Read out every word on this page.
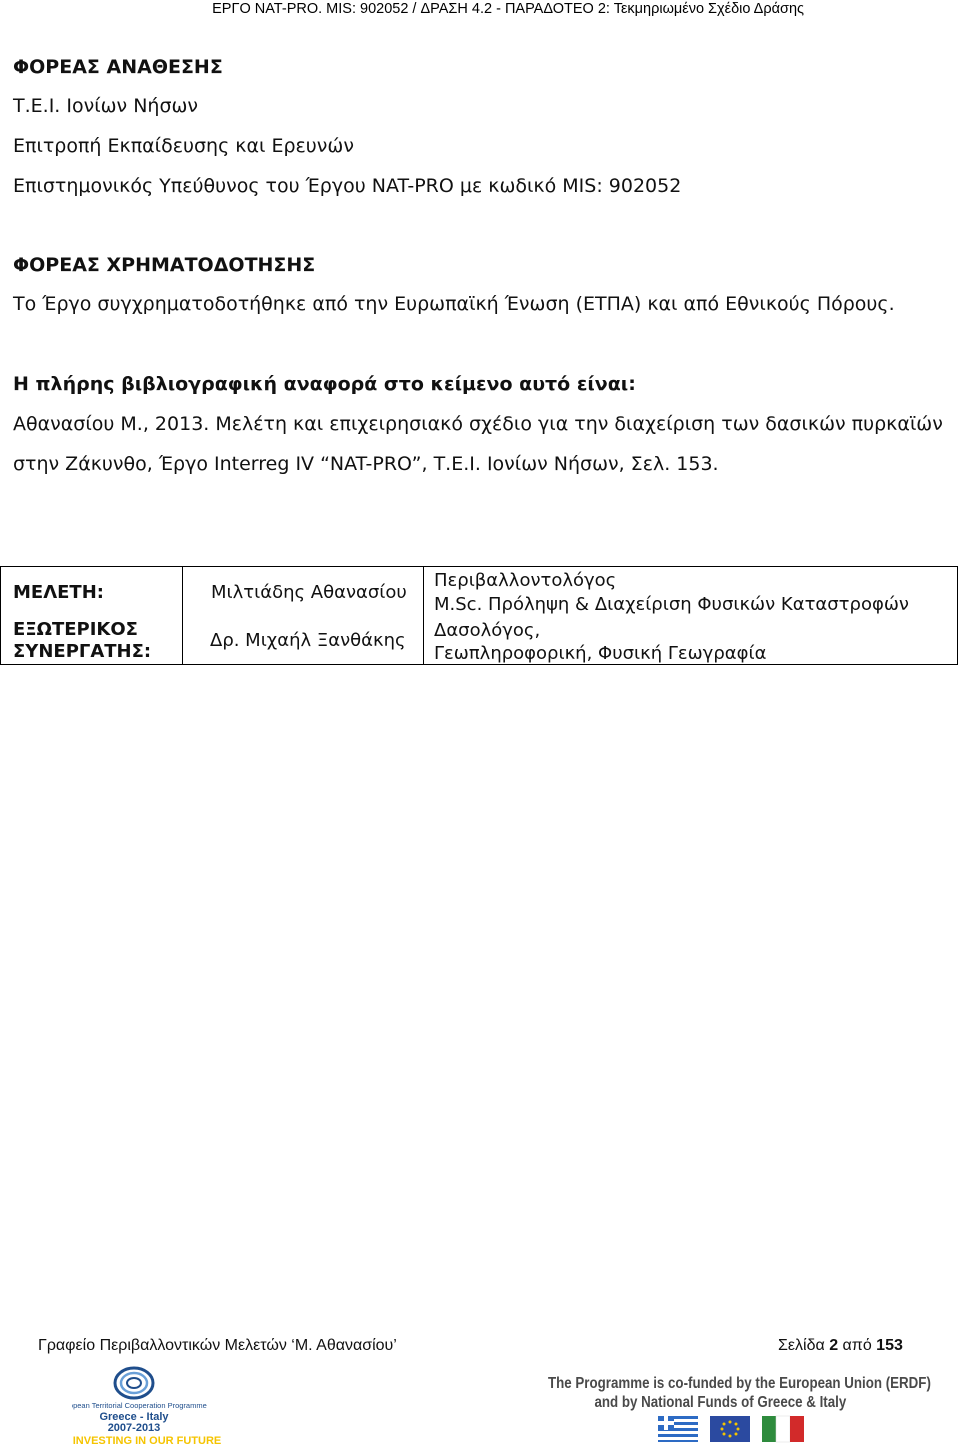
ΕΡΓΟ NAT-PRO. MIS: 902052 / ΔΡΑΣΗ 4.2 - ΠΑΡΑΔΟΤΕΟ 2: Τεκμηριωμένο Σχέδιο Δράσης
ΦΟΡΕΑΣ ΑΝΑΘΕΣΗΣ
Τ.Ε.Ι. Ιονίων Νήσων
Επιτροπή Εκπαίδευσης και Ερευνών
Επιστημονικός Υπεύθυνος του Έργου NAT-PRO με κωδικό MIS: 902052
ΦΟΡΕΑΣ ΧΡΗΜΑΤΟΔΟΤΗΣΗΣ
Το Έργο συγχρηματοδοτήθηκε από την Ευρωπαϊκή Ένωση (ΕΤΠΑ) και από Εθνικούς Πόρους.
Η πλήρης βιβλιογραφική αναφορά στο κείμενο αυτό είναι:
Αθανασίου Μ., 2013. Μελέτη και επιχειρησιακό σχέδιο για την διαχείριση των δασικών πυρκαϊών
στην Ζάκυνθο, Έργο Interreg IV “NAT-PRO”, Τ.Ε.Ι. Ιονίων Νήσων, Σελ. 153.
ΜΕΛΕΤΗ:
ΕΞΩΤΕΡΙΚΟΣ
ΣΥΝΕΡΓΑΤΗΣ:
Μιλτιάδης Αθανασίου
Δρ. Μιχαήλ Ξανθάκης
Περιβαλλοντολόγος
M.Sc. Πρόληψη & Διαχείριση Φυσικών Καταστροφών
Δασολόγος,
Γεωπληροφορική, Φυσική Γεωγραφία
Γραφείο Περιβαλλοντικών Μελετών ‘Μ. Αθανασίου’	Σελίδα 2 από 153
European Territorial Cooperation Programme
Greece - Italy
2007-2013
INVESTING IN OUR FUTURE
The Programme is co-funded by the European Union (ERDF)
and by National Funds of Greece & Italy
